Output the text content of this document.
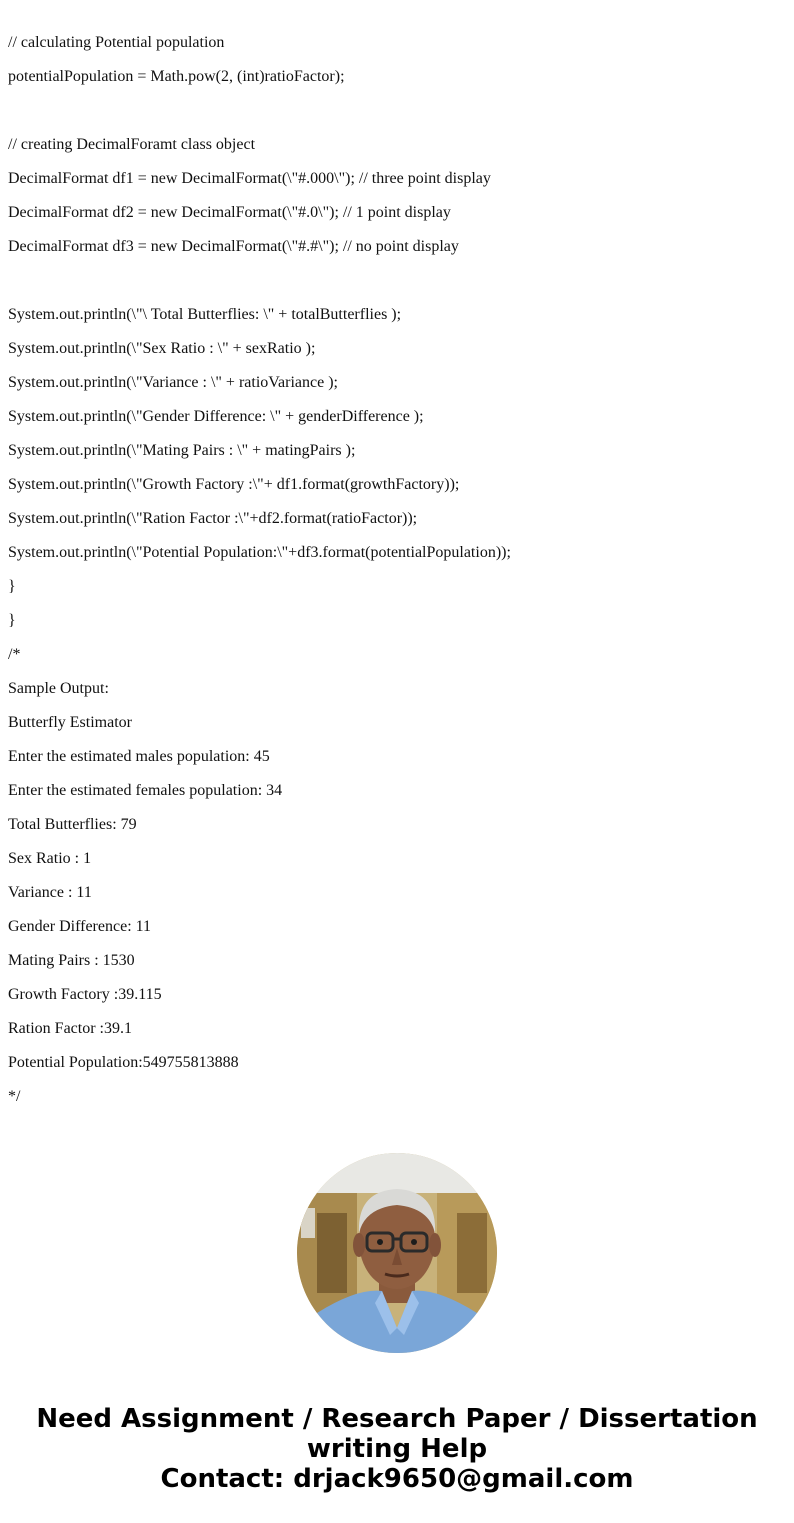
// calculating Potential population
potentialPopulation = Math.pow(2, (int)ratioFactor);
// creating DecimalForamt class object
DecimalFormat df1 = new DecimalFormat(\"#.000\"); // three point display
DecimalFormat df2 = new DecimalFormat(\"#.0\"); // 1 point display
DecimalFormat df3 = new DecimalFormat(\"#.#\"); // no point display
System.out.println(\"\ Total Butterflies: \" + totalButterflies );
System.out.println(\"Sex Ratio : \" + sexRatio );
System.out.println(\"Variance : \" + ratioVariance );
System.out.println(\"Gender Difference: \" + genderDifference );
System.out.println(\"Mating Pairs : \" + matingPairs );
System.out.println(\"Growth Factory :\"+ df1.format(growthFactory));
System.out.println(\"Ration Factor :\"+df2.format(ratioFactor));
System.out.println(\"Potential Population:\"+df3.format(potentialPopulation));
}
}
/*
Sample Output:
Butterfly Estimator
Enter the estimated males population: 45
Enter the estimated females population: 34
Total Butterflies: 79
Sex Ratio : 1
Variance : 11
Gender Difference: 11
Mating Pairs : 1530
Growth Factory :39.115
Ration Factor :39.1
Potential Population:549755813888
*/
Need Assignment / Research Paper / Dissertation
writing Help
Contact: drjack9650@gmail.com
